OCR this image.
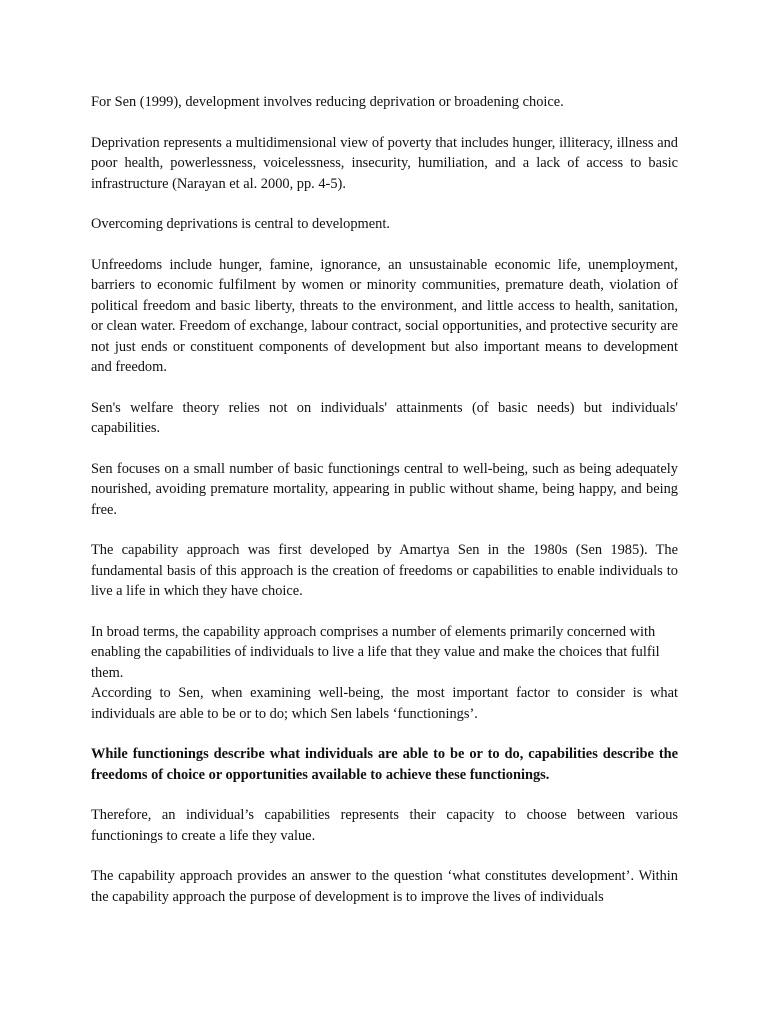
For Sen (1999), development involves reducing deprivation or broadening choice.

Deprivation represents a multidimensional view of poverty that includes hunger, illiteracy, illness and poor health, powerlessness, voicelessness, insecurity, humiliation, and a lack of access to basic infrastructure (Narayan et al. 2000, pp. 4-5).

Overcoming deprivations is central to development.

Unfreedoms include hunger, famine, ignorance, an unsustainable economic life, unemployment, barriers to economic fulfilment by women or minority communities, premature death, violation of political freedom and basic liberty, threats to the environment, and little access to health, sanitation, or clean water. Freedom of exchange, labour contract, social opportunities, and protective security are not just ends or constituent components of development but also important means to development and freedom.

Sen's welfare theory relies not on individuals' attainments (of basic needs) but individuals' capabilities.

Sen focuses on a small number of basic functionings central to well-being, such as being adequately nourished, avoiding premature mortality, appearing in public without shame, being happy, and being free.

The capability approach was first developed by Amartya Sen in the 1980s (Sen 1985). The fundamental basis of this approach is the creation of freedoms or capabilities to enable individuals to live a life in which they have choice.

In broad terms, the capability approach comprises a number of elements primarily concerned with enabling the capabilities of individuals to live a life that they value and make the choices that fulfil them.

According to Sen, when examining well-being, the most important factor to consider is what individuals are able to be or to do; which Sen labels ‘functionings’.

While functionings describe what individuals are able to be or to do, capabilities describe the freedoms of choice or opportunities available to achieve these functionings.

Therefore, an individual’s capabilities represents their capacity to choose between various functionings to create a life they value.

The capability approach provides an answer to the question ‘what constitutes development’. Within the capability approach the purpose of development is to improve the lives of individuals
